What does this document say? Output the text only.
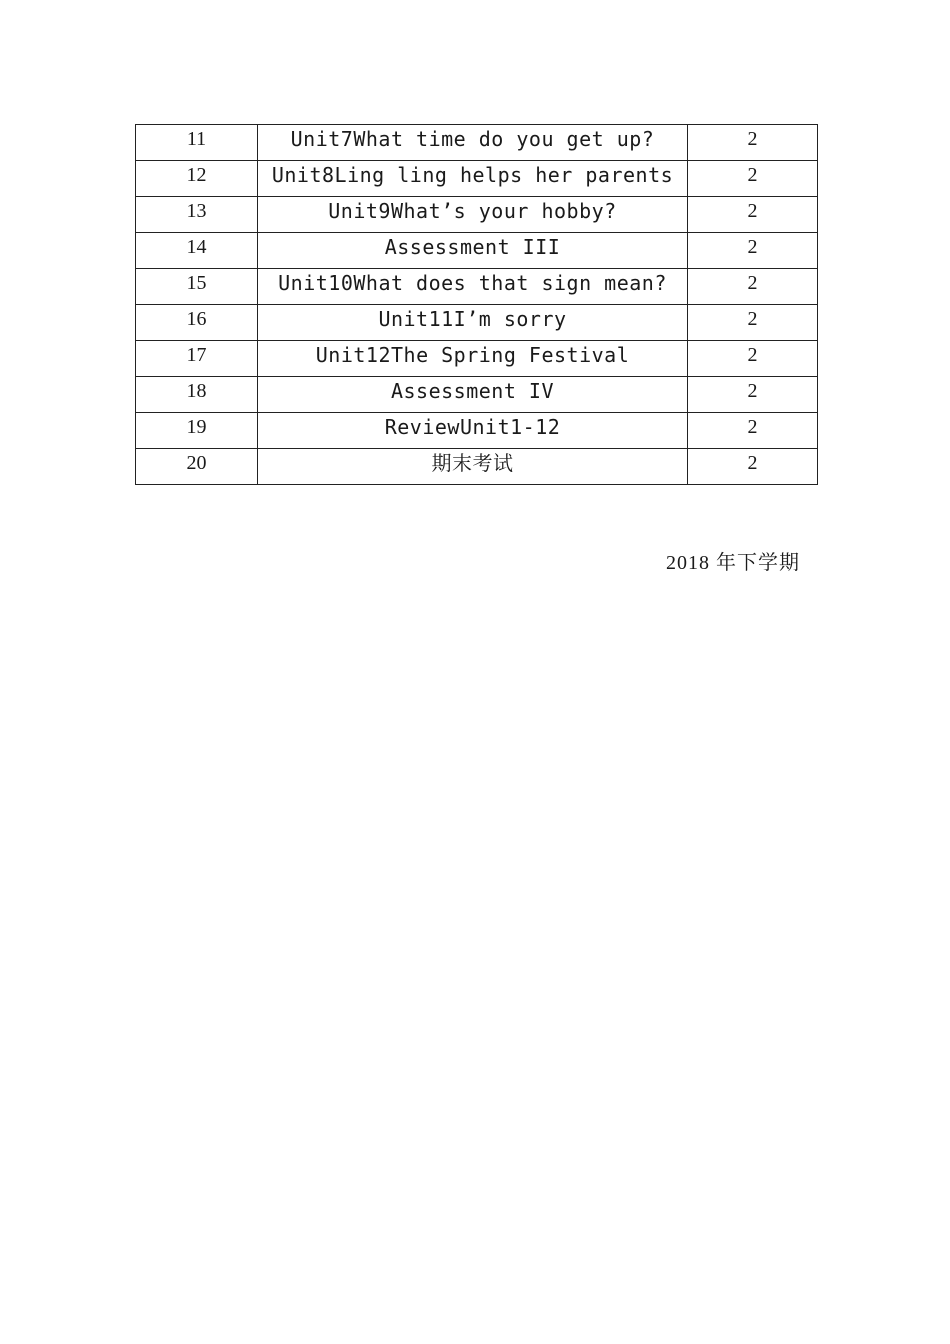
11	Unit7What time do you get up?	2
12	Unit8Ling ling helps her parents	2
13	Unit9What’s your hobby?	2
14	Assessment III	2
15	Unit10What does that sign mean?	2
16	Unit11I’m sorry	2
17	Unit12The Spring Festival	2
18	Assessment IV	2
19	ReviewUnit1-12	2
20	期末考试	2
2018 年下学期
